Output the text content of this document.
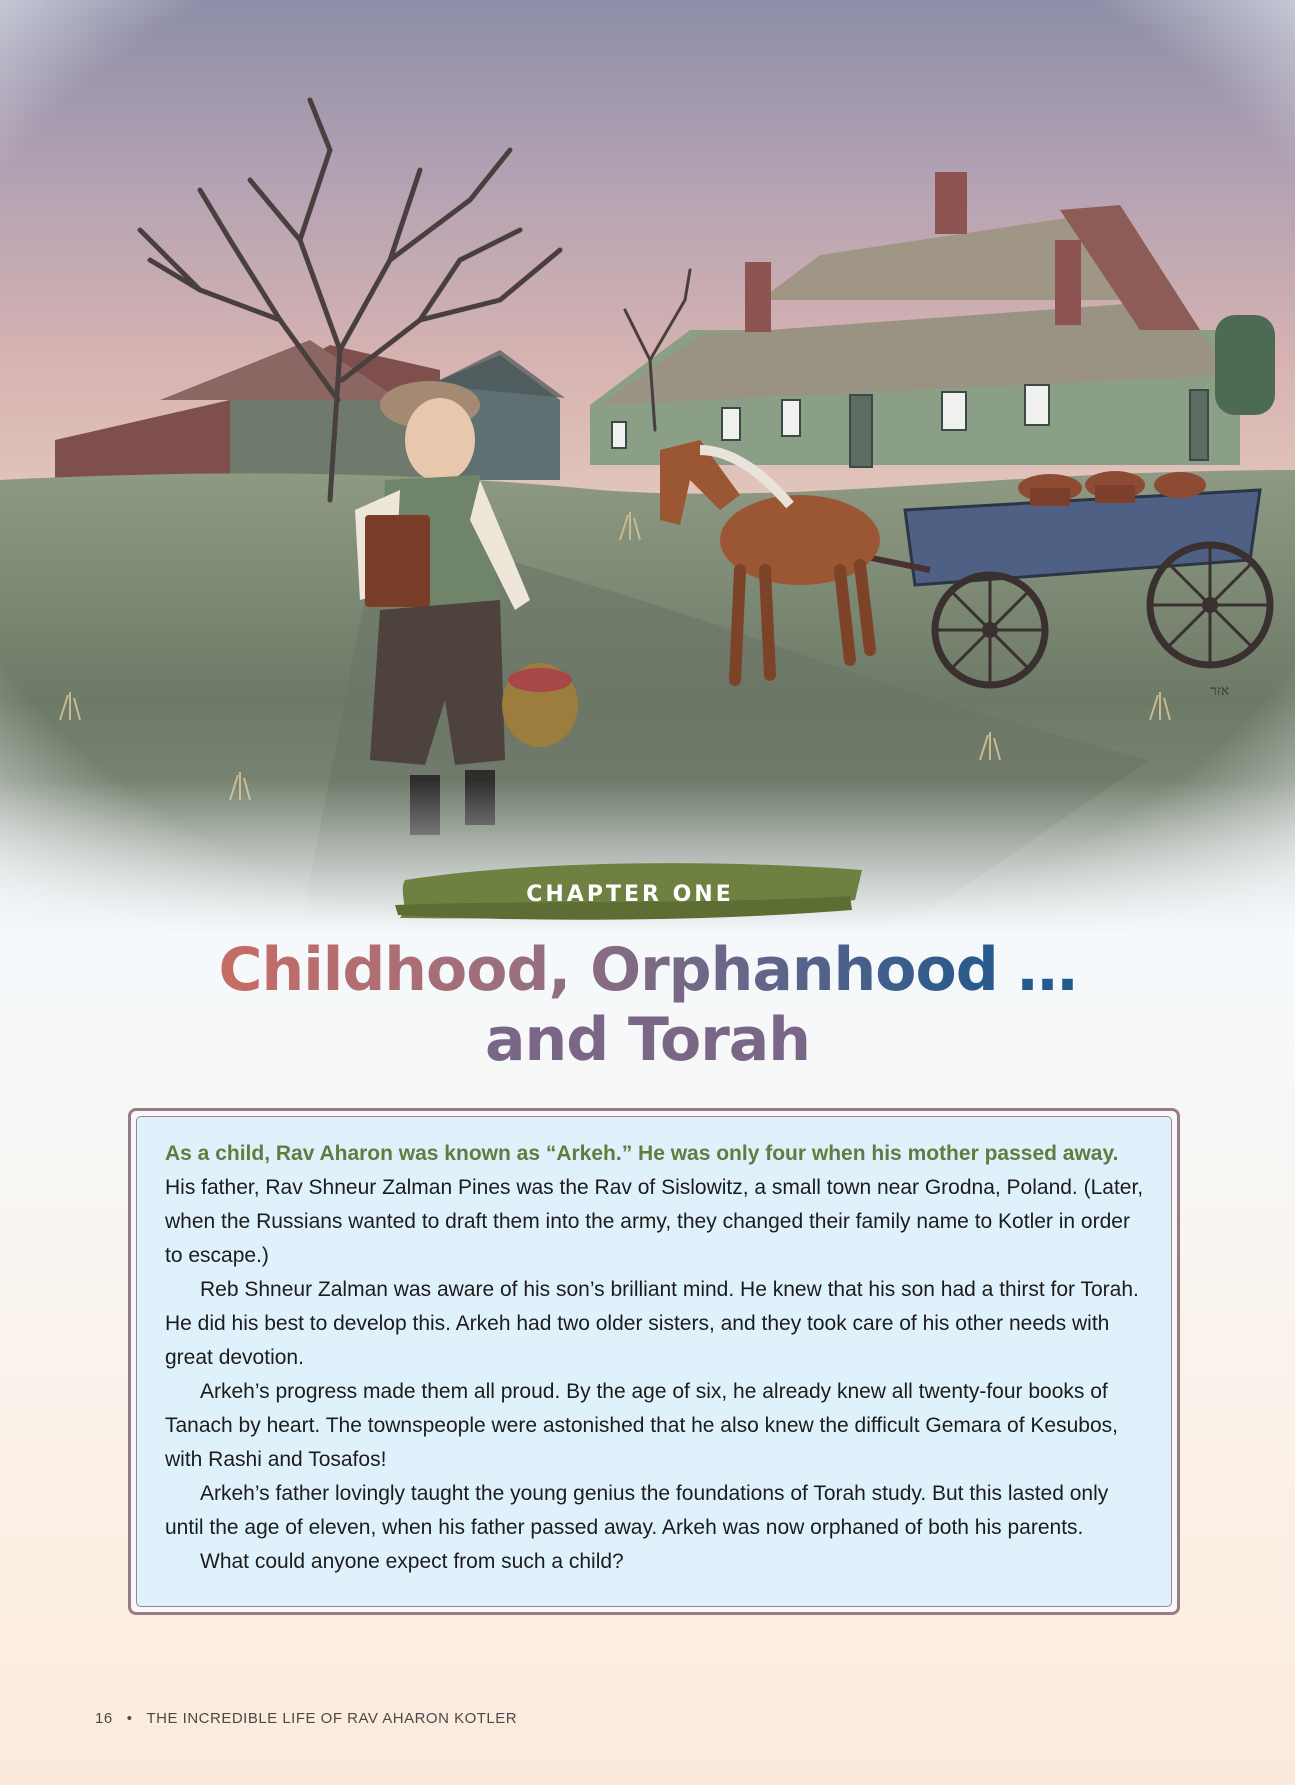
CHAPTER ONE
Childhood, Orphanhood …
and Torah

As a child, Rav Aharon was known as “Arkeh.” He was only four when his mother passed away. His father, Rav Shneur Zalman Pines was the Rav of Sislowitz, a small town near Grodna, Poland. (Later, when the Russians wanted to draft them into the army, they changed their family name to Kotler in order to escape.)

Reb Shneur Zalman was aware of his son’s brilliant mind. He knew that his son had a thirst for Torah. He did his best to develop this. Arkeh had two older sisters, and they took care of his other needs with great devotion.

Arkeh’s progress made them all proud. By the age of six, he already knew all twenty-four books of Tanach by heart. The townspeople were astonished that he also knew the difficult Gemara of Kesubos, with Rashi and Tosafos!

Arkeh’s father lovingly taught the young genius the foundations of Torah study. But this lasted only until the age of eleven, when his father passed away. Arkeh was now orphaned of both his parents.

What could anyone expect from such a child?

16 • THE INCREDIBLE LIFE OF RAV AHARON KOTLER
